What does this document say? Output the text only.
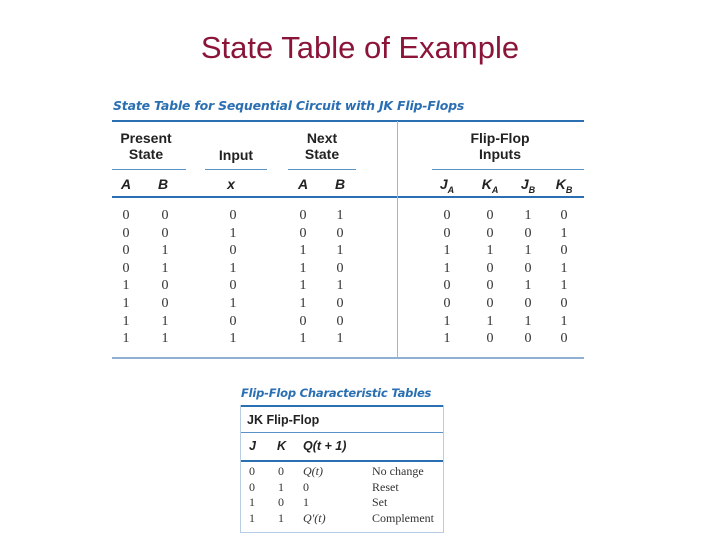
State Table of Example
State Table for Sequential Circuit with JK Flip-Flops
Present State	Input
Next State
Flip-Flop Inputs
A	B	x	A	B	$J_A$	$K_A$	$J_B$	$K_B$
0	0	0	0	1	0	0	1	0
0	0	1	0	0	0	0	0	1
0	1	0	1	1	1	1	1	0
0	1	1	1	0	1	0	0	1
1	0	0	1	1	0	0	1	1
1	0	1	1	0	0	0	0	0
1	1	0	0	0	1	1	1	1
1	1	1	1	1	1	0	0	0
Flip-Flop Characteristic Tables
JK Flip-Flop
J K Q(t + 1)
0 0 Q(t)	No change
0 1 0	Reset
1 0 1	Set
1 1 Q'(t)	Complement
